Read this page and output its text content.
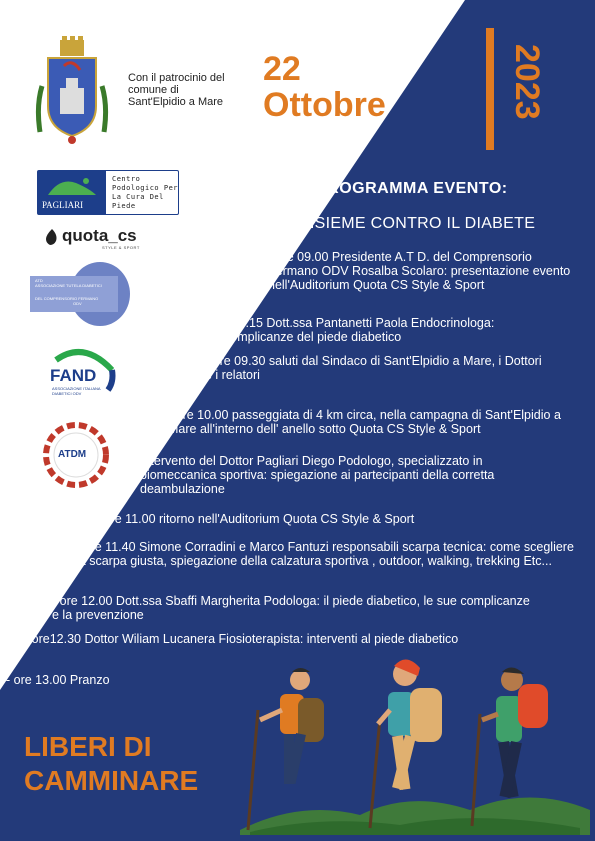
Con il patrocinio del
comune di
Sant'Elpidio a Mare
22
Ottobre	2023
PAGLIARI
Centro
Podologico Per
La Cura Del
Piede
quota_cs
STYLE & SPORT
ATD
ASSOCIAZIONE TUTELA DIABETICI
DEL COMPRENSORIO FERMANO
ODV
FAND
ASSOCIAZIONE ITALIANA
DIABETICI ODV
ATDM
PROGRAMMA EVENTO:
INSIEME CONTRO IL DIABETE
- ore 09.00 Presidente A.T D. del Comprensorio Fermano ODV Rosalba Scolaro: presentazione evento nell'Auditorium Quota CS Style & Sport
- 09.15 Dott.ssa Pantanetti Paola Endocrinologa: complicanze del piede diabetico
- ore 09.30 saluti dal Sindaco di Sant'Elpidio a Mare, i Dottori e i relatori
- ore 10.00 passeggiata di 4 km circa, nella campagna di Sant'Elpidio a Mare all'interno dell' anello sotto Quota CS Style & Sport
Intervento del Dottor Pagliari Diego Podologo, specializzato in biomeccanica sportiva: spiegazione ai partecipanti della corretta deambulazione
- ore 11.00 ritorno nell'Auditorium Quota CS Style & Sport
- ore 11.40 Simone Corradini e Marco Fantuzi responsabili scarpa tecnica: come scegliere la scarpa giusta, spiegazione della calzatura sportiva , outdoor, walking, trekking Etc...
- ore 12.00 Dott.ssa Sbaffi Margherita Podologa: il piede diabetico, le sue complicanze e la prevenzione
- ore12.30 Dottor Wiliam Lucanera Fiosioterapista: interventi al piede diabetico
- ore 13.00 Pranzo
LIBERI DI
CAMMINARE
